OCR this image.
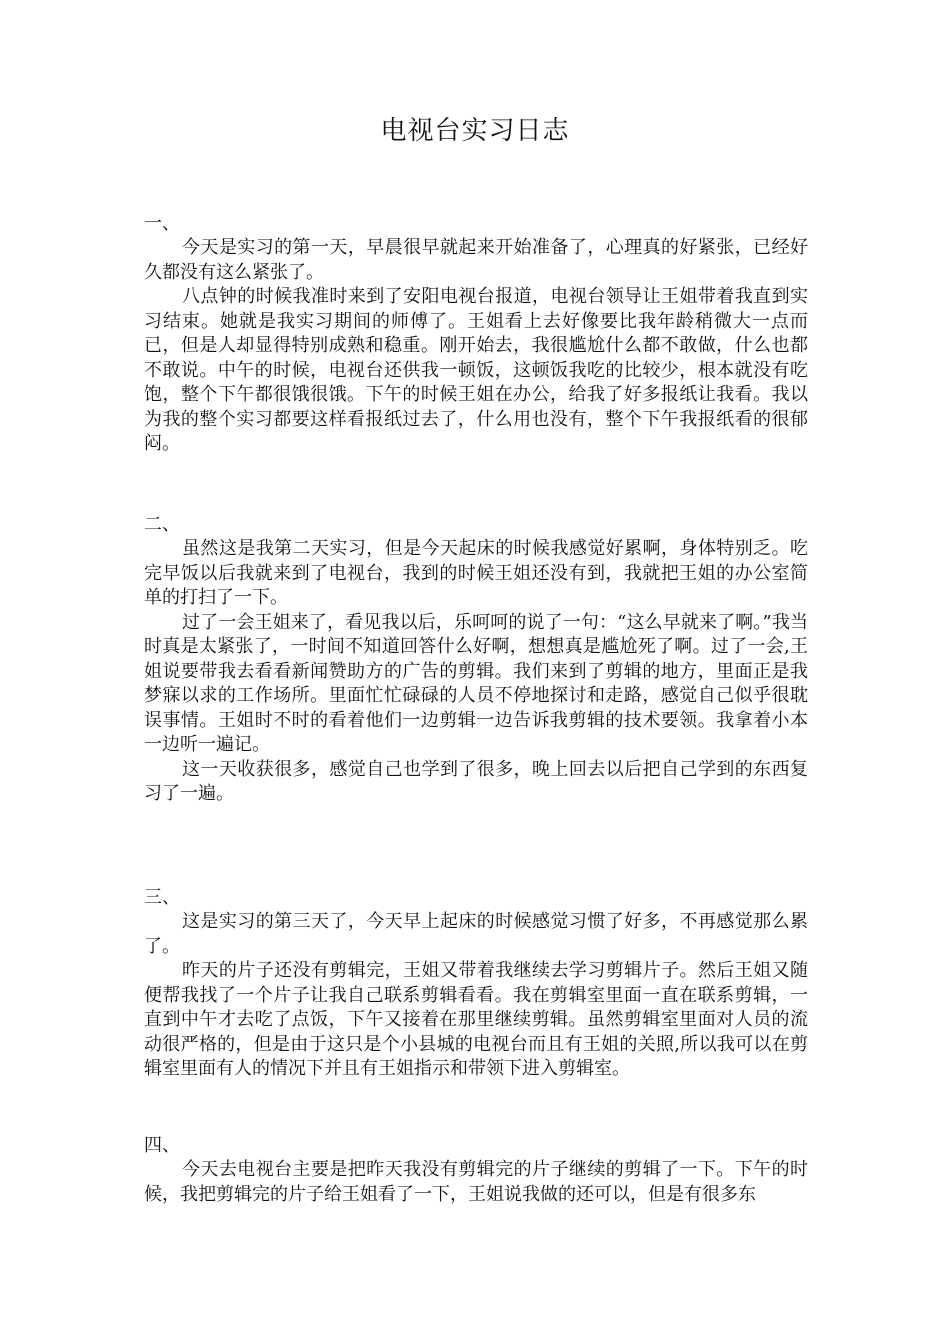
电视台实习日志
一、

今天是实习的第一天，早晨很早就起来开始准备了，心理真的好紧张，已经好久都没有这么紧张了。

八点钟的时候我准时来到了安阳电视台报道，电视台领导让王姐带着我直到实习结束。她就是我实习期间的师傅了。王姐看上去好像要比我年龄稍微大一点而已，但是人却显得特别成熟和稳重。刚开始去，我很尴尬什么都不敢做，什么也都不敢说。中午的时候，电视台还供我一顿饭，这顿饭我吃的比较少，根本就没有吃饱，整个下午都很饿很饿。下午的时候王姐在办公，给我了好多报纸让我看。我以为我的整个实习都要这样看报纸过去了，什么用也没有，整个下午我报纸看的很郁闷。

二、

虽然这是我第二天实习，但是今天起床的时候我感觉好累啊，身体特别乏。吃完早饭以后我就来到了电视台，我到的时候王姐还没有到，我就把王姐的办公室简单的打扫了一下。

过了一会王姐来了，看见我以后，乐呵呵的说了一句：“这么早就来了啊。”我当时真是太紧张了，一时间不知道回答什么好啊，想想真是尴尬死了啊。过了一会,王姐说要带我去看看新闻赞助方的广告的剪辑。我们来到了剪辑的地方，里面正是我梦寐以求的工作场所。里面忙忙碌碌的人员不停地探讨和走路，感觉自己似乎很耽误事情。王姐时不时的看着他们一边剪辑一边告诉我剪辑的技术要领。我拿着小本一边听一遍记。

这一天收获很多，感觉自己也学到了很多，晚上回去以后把自己学到的东西复习了一遍。

三、

这是实习的第三天了，今天早上起床的时候感觉习惯了好多，不再感觉那么累了。

昨天的片子还没有剪辑完，王姐又带着我继续去学习剪辑片子。然后王姐又随便帮我找了一个片子让我自己联系剪辑看看。我在剪辑室里面一直在联系剪辑，一直到中午才去吃了点饭，下午又接着在那里继续剪辑。虽然剪辑室里面对人员的流动很严格的，但是由于这只是个小县城的电视台而且有王姐的关照,所以我可以在剪辑室里面有人的情况下并且有王姐指示和带领下进入剪辑室。

四、

今天去电视台主要是把昨天我没有剪辑完的片子继续的剪辑了一下。下午的时候，我把剪辑完的片子给王姐看了一下，王姐说我做的还可以，但是有很多东
